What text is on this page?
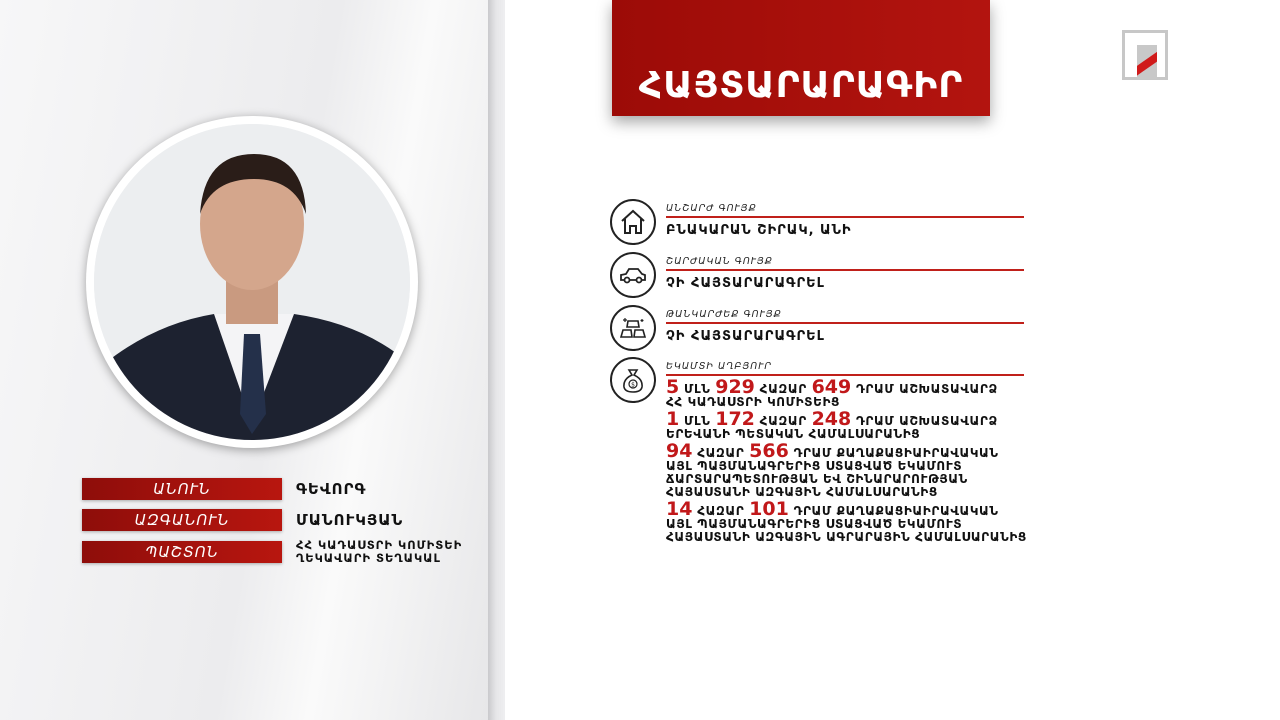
ՀԱՅՏԱՐԱՐԱԳԻՐ
ԱՆՈՒՆ	ԳԵՎՈՐԳ
ԱԶԳԱՆՈՒՆ	ՄԱՆՈՒԿՅԱՆ
ՊԱՇՏՈՆ	ՀՀ ԿԱԴԱՍՏՐԻ ԿՈՄԻՏԵԻ
ՂԵԿԱՎԱՐԻ ՏԵՂԱԿԱԼ
ԱՆՇԱՐԺ ԳՈՒՅՔ
ԲՆԱԿԱՐԱՆ ՇԻՐԱԿ, ԱՆԻ
ՇԱՐԺԱԿԱՆ ԳՈՒՅՔ
ՉԻ ՀԱՅՏԱՐԱՐԱԳՐԵԼ
ԹԱՆԿԱՐԺԵՔ ԳՈՒՅՔ
ՉԻ ՀԱՅՏԱՐԱՐԱԳՐԵԼ
$
ԵԿԱՄՏԻ ԱՂԲՅՈՒՐ
5 ՄԼՆ 929 ՀԱԶԱՐ 649 ԴՐԱՄ ԱՇԽԱՏԱՎԱՐՁ
ՀՀ ԿԱԴԱՍՏՐԻ ԿՈՄԻՏԵԻՑ
1 ՄԼՆ 172 ՀԱԶԱՐ 248 ԴՐԱՄ ԱՇԽԱՏԱՎԱՐՁ
ԵՐԵՎԱՆԻ ՊԵՏԱԿԱՆ ՀԱՄԱԼՍԱՐԱՆԻՑ
94 ՀԱԶԱՐ 566 ԴՐԱՄ ՔԱՂԱՔԱՑԻԱԻՐԱՎԱԿԱՆ
ԱՅԼ ՊԱՅՄԱՆԱԳՐԵՐԻՑ ՍՏԱՑՎԱԾ ԵԿԱՄՈՒՏ
ՃԱՐՏԱՐԱՊԵՏՈՒԹՅԱՆ ԵՎ ՇԻՆԱՐԱՐՈՒԹՅԱՆ
ՀԱՅԱՍՏԱՆԻ ԱԶԳԱՅԻՆ ՀԱՄԱԼՍԱՐԱՆԻՑ
14 ՀԱԶԱՐ 101 ԴՐԱՄ ՔԱՂԱՔԱՑԻԱԻՐԱՎԱԿԱՆ
ԱՅԼ ՊԱՅՄԱՆԱԳՐԵՐԻՑ ՍՏԱՑՎԱԾ ԵԿԱՄՈՒՏ
ՀԱՅԱՍՏԱՆԻ ԱԶԳԱՅԻՆ ԱԳՐԱՐԱՅԻՆ ՀԱՄԱԼՍԱՐԱՆԻՑ
